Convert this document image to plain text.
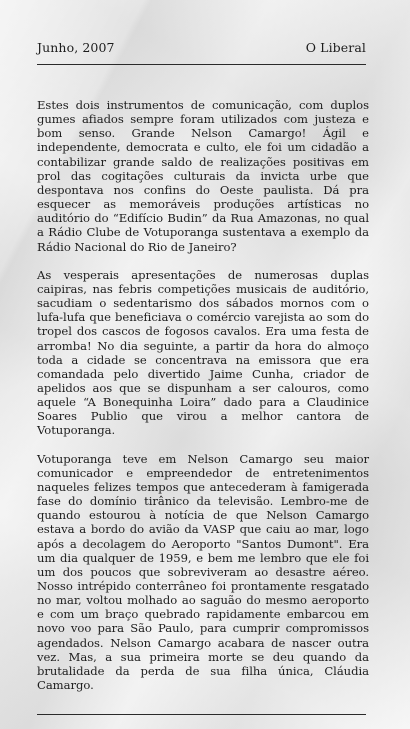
Junho, 2007	O Liberal

Estes dois instrumentos de comunicação, com duplos gumes afiados sempre foram utilizados com justeza e bom senso. Grande Nelson Camargo! Ágil e independente, democrata e culto, ele foi um cidadão a contabilizar grande saldo de realizações positivas em prol das cogitações culturais da invicta urbe que despontava nos confins do Oeste paulista. Dá pra esquecer as memoráveis produções artísticas no auditório do “Edifício Budin” da Rua Amazonas, no qual a Rádio Clube de Votuporanga sustentava a exemplo da Rádio Nacional do Rio de Janeiro?

As vesperais apresentações de numerosas duplas caipiras, nas febris competições musicais de auditório, sacudiam o sedentarismo dos sábados mornos com o lufa-lufa que beneficiava o comércio varejista ao som do tropel dos cascos de fogosos cavalos. Era uma festa de arromba! No dia seguinte, a partir da hora do almoço toda a cidade se concentrava na emissora que era comandada pelo divertido Jaime Cunha, criador de apelidos aos que se dispunham a ser calouros, como aquele “A Bonequinha Loira” dado para a Claudinice Soares Publio que virou a melhor cantora de Votuporanga.

Votuporanga teve em Nelson Camargo seu maior comunicador e empreendedor de entretenimentos naqueles felizes tempos que antecederam à famigerada fase do domínio tirânico da televisão. Lembro-me de quando estourou à notícia de que Nelson Camargo estava a bordo do avião da VASP que caiu ao mar, logo após a decolagem do Aeroporto "Santos Dumont". Era um dia qualquer de 1959, e bem me lembro que ele foi um dos poucos que sobreviveram ao desastre aéreo. Nosso intrépido conterrâneo foi prontamente resgatado no mar, voltou molhado ao saguão do mesmo aeroporto e com um braço quebrado rapidamente embarcou em novo voo para São Paulo, para cumprir compromissos agendados. Nelson Camargo acabara de nascer outra vez. Mas, a sua primeira morte se deu quando da brutalidade da perda de sua filha única, Cláudia Camargo.
